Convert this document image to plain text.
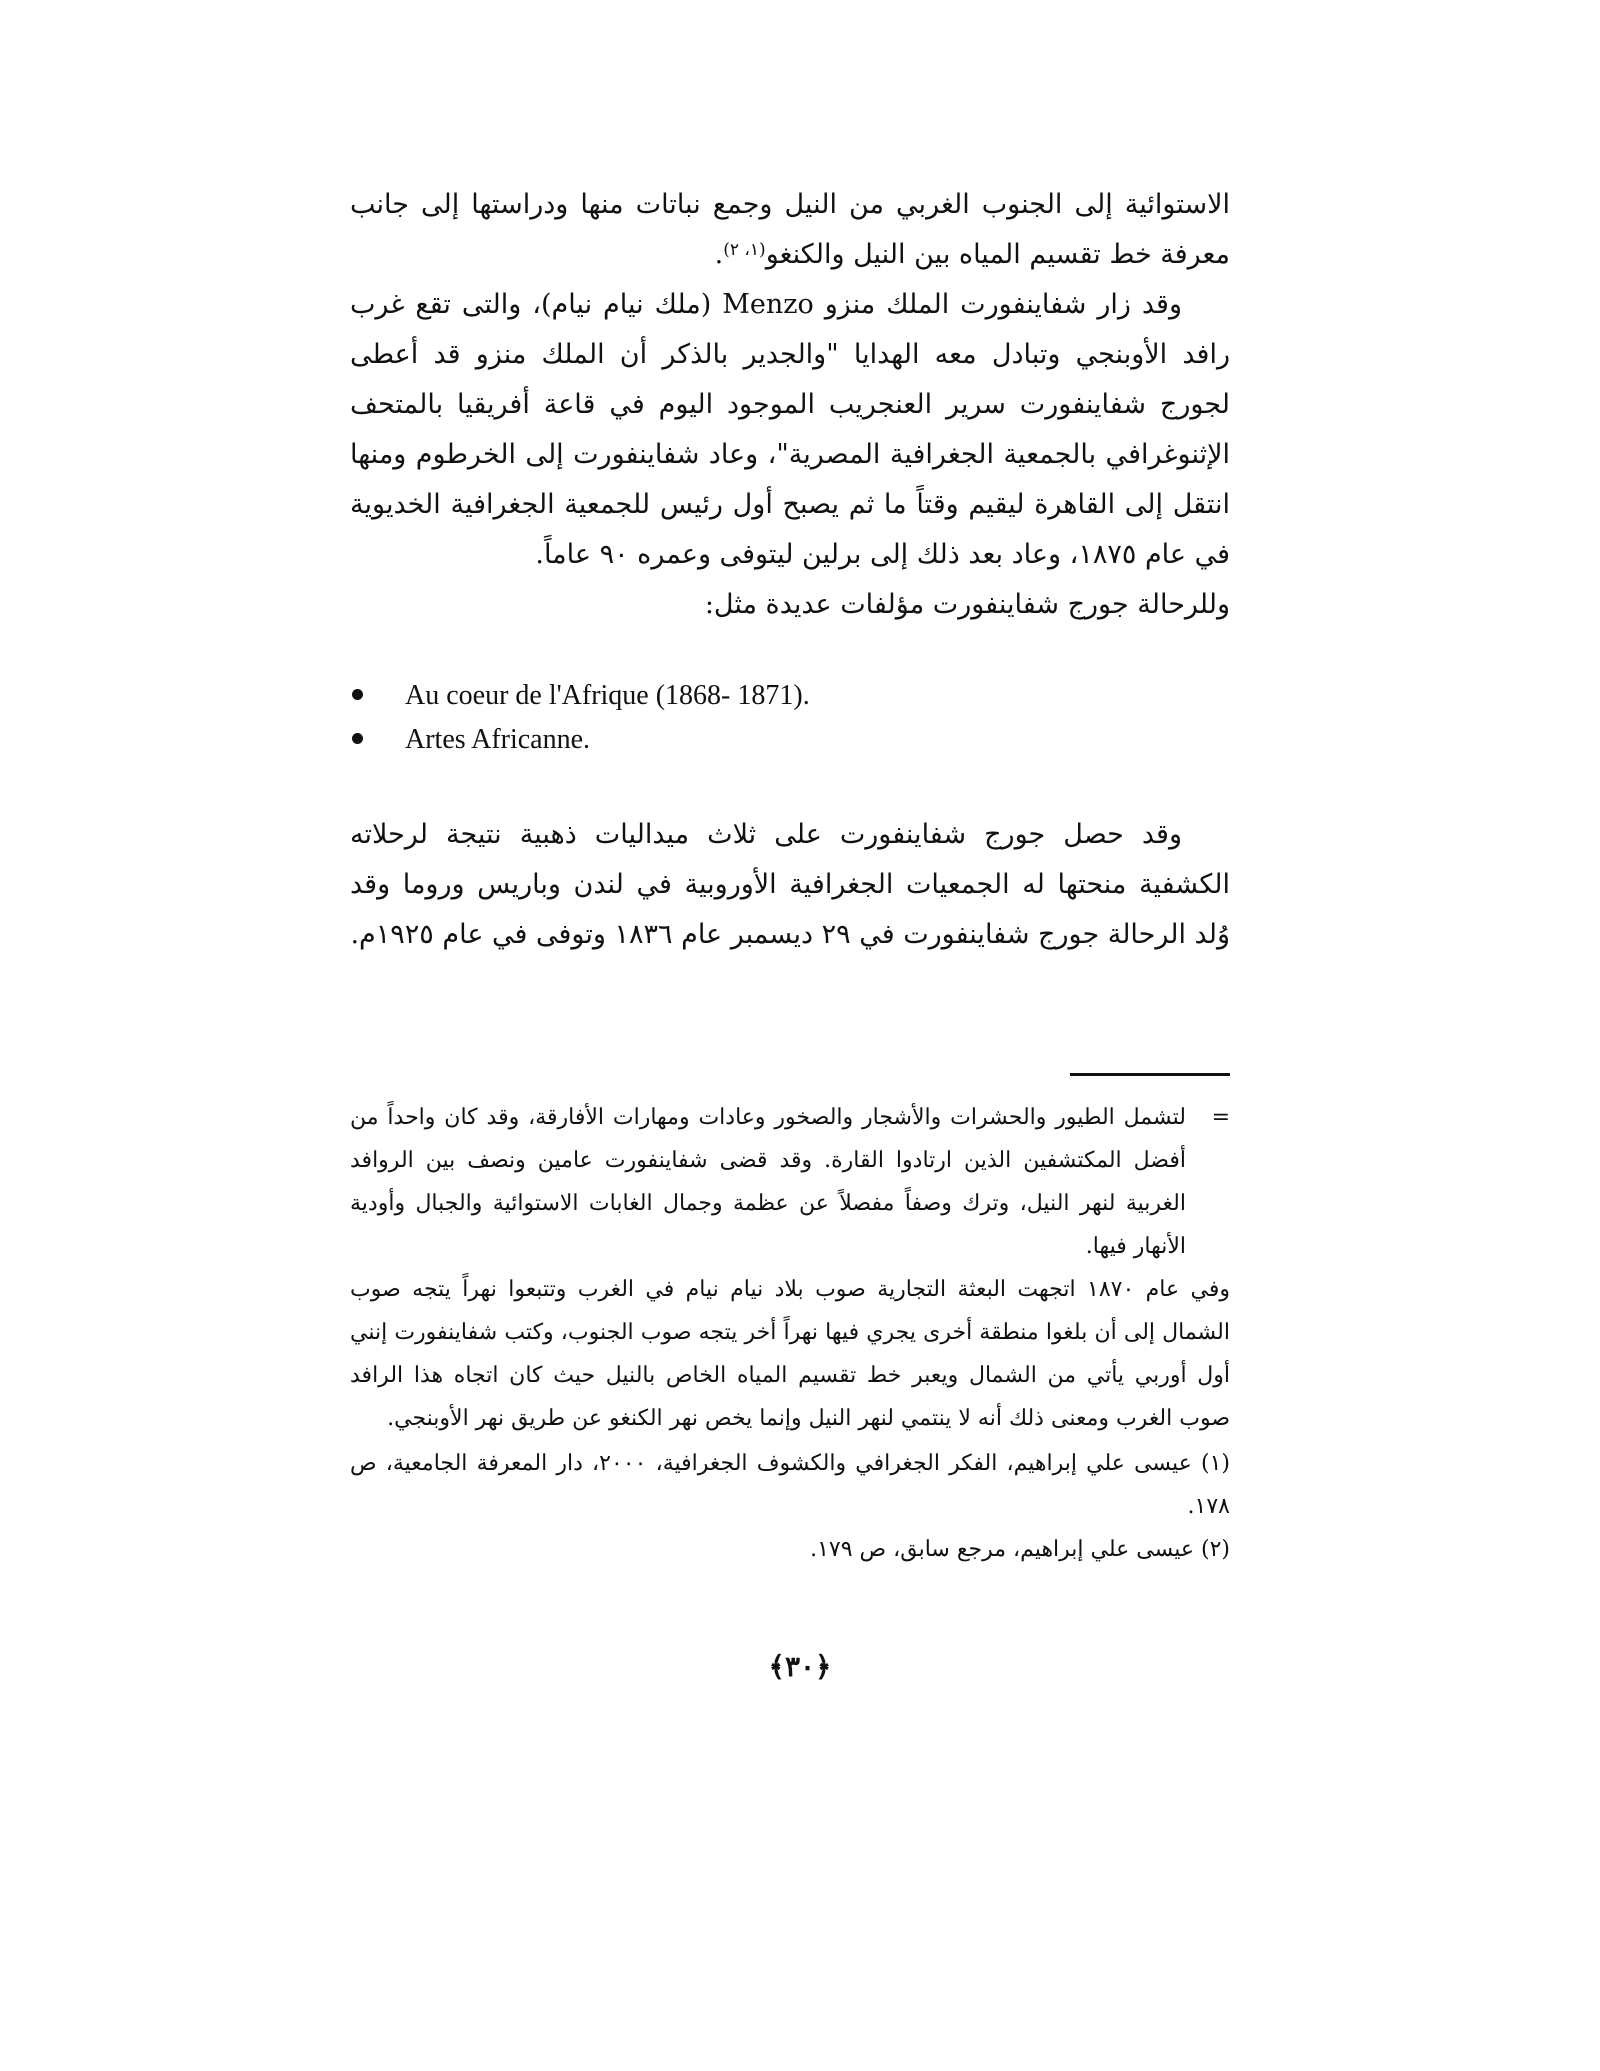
الاستوائية إلى الجنوب الغربي من النيل وجمع نباتات منها ودراستها إلى جانب معرفة خط تقسيم المياه بين النيل والكنغو$^{(١، ٢)}$.

وقد زار شفاينفورت الملك منزو Menzo (ملك نيام نيام)، والتى تقع غرب رافد الأوبنجي وتبادل معه الهدايا "والجدير بالذكر أن الملك منزو قد أعطى لجورج شفاينفورت سرير العنجريب الموجود اليوم في قاعة أفريقيا بالمتحف الإثنوغرافي بالجمعية الجغرافية المصرية"، وعاد شفاينفورت إلى الخرطوم ومنها انتقل إلى القاهرة ليقيم وقتاً ما ثم يصبح أول رئيس للجمعية الجغرافية الخديوية في عام ١٨٧٥، وعاد بعد ذلك إلى برلين ليتوفى وعمره ٩٠ عاماً.

وللرحالة جورج شفاينفورت مؤلفات عديدة مثل:

Au coeur de l'Afrique (1868- 1871).
Artes Africanne.

وقد حصل جورج شفاينفورت على ثلاث ميداليات ذهبية نتيجة لرحلاته الكشفية منحتها له الجمعيات الجغرافية الأوروبية في لندن وباريس وروما وقد وُلد الرحالة جورج شفاينفورت في ٢٩ ديسمبر عام ١٨٣٦ وتوفى في عام ١٩٢٥م.

=
لتشمل الطيور والحشرات والأشجار والصخور وعادات ومهارات الأفارقة، وقد كان واحداً من أفضل المكتشفين الذين ارتادوا القارة. وقد قضى شفاينفورت عامين ونصف بين الروافد الغربية لنهر النيل، وترك وصفاً مفصلاً عن عظمة وجمال الغابات الاستوائية والجبال وأودية الأنهار فيها.

وفي عام ١٨٧٠ اتجهت البعثة التجارية صوب بلاد نيام نيام في الغرب وتتبعوا نهراً يتجه صوب الشمال إلى أن بلغوا منطقة أخرى يجري فيها نهراً أخر يتجه صوب الجنوب، وكتب شفاينفورت إنني أول أوربي يأتي من الشمال ويعبر خط تقسيم المياه الخاص بالنيل حيث كان اتجاه هذا الرافد صوب الغرب ومعنى ذلك أنه لا ينتمي لنهر النيل وإنما يخص نهر الكنغو عن طريق نهر الأوبنجي.

(١) عيسى علي إبراهيم، الفكر الجغرافي والكشوف الجغرافية، ٢٠٠٠، دار المعرفة الجامعية، ص ١٧٨.

(٢) عيسى علي إبراهيم، مرجع سابق، ص ١٧٩.

﴿٣٠﴾
